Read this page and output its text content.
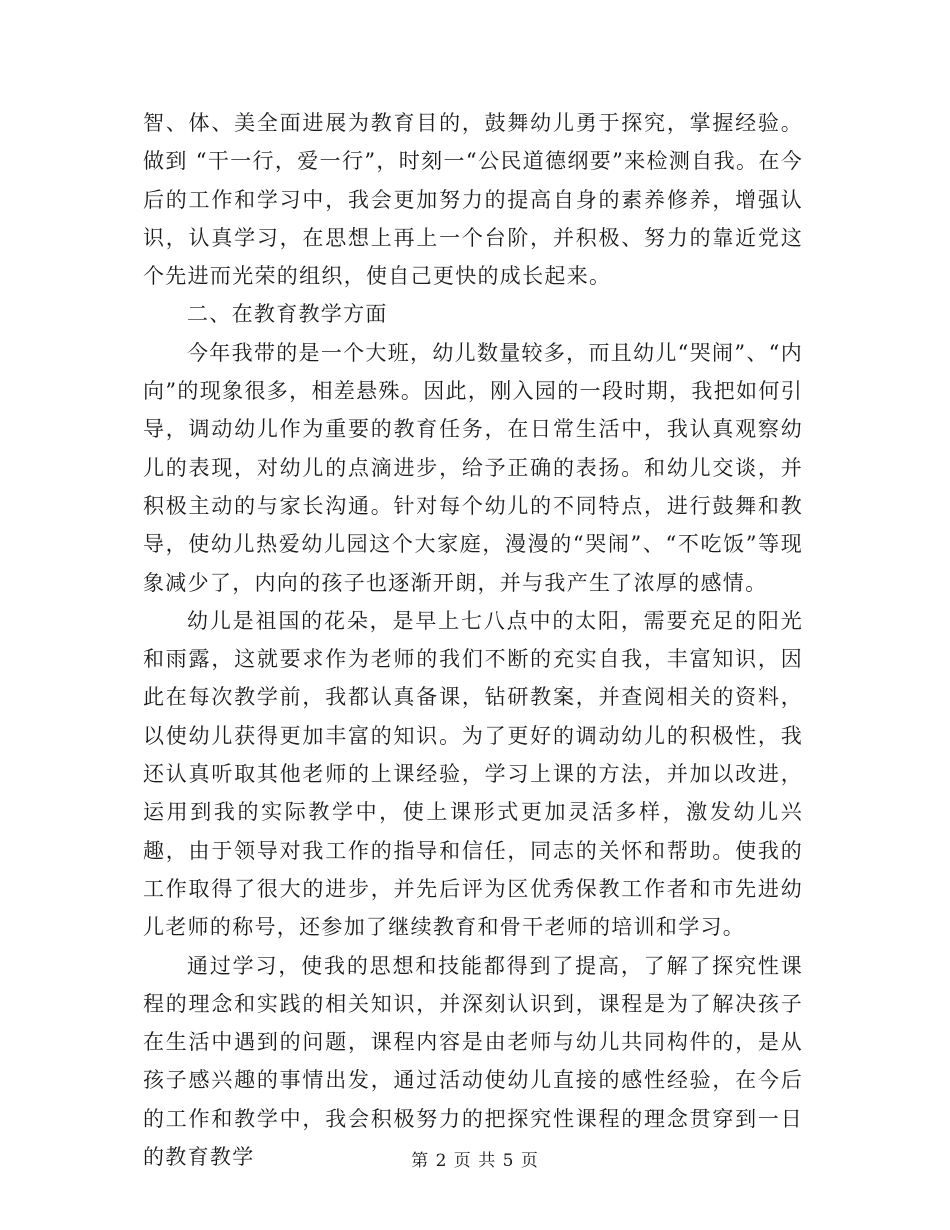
智、体、美全面进展为教育目的，鼓舞幼儿勇于探究，掌握经验。做到 “干一行，爱一行”，时刻一“公民道德纲要”来检测自我。在今后的工作和学习中，我会更加努力的提高自身的素养修养，增强认识，认真学习，在思想上再上一个台阶，并积极、努力的靠近党这个先进而光荣的组织，使自己更快的成长起来。

二、在教育教学方面

今年我带的是一个大班，幼儿数量较多，而且幼儿“哭闹”、“内向”的现象很多，相差悬殊。因此，刚入园的一段时期，我把如何引导，调动幼儿作为重要的教育任务，在日常生活中，我认真观察幼儿的表现，对幼儿的点滴进步，给予正确的表扬。和幼儿交谈，并积极主动的与家长沟通。针对每个幼儿的不同特点，进行鼓舞和教导，使幼儿热爱幼儿园这个大家庭，漫漫的“哭闹”、“不吃饭”等现象减少了，内向的孩子也逐渐开朗，并与我产生了浓厚的感情。

幼儿是祖国的花朵，是早上七八点中的太阳，需要充足的阳光和雨露，这就要求作为老师的我们不断的充实自我，丰富知识，因此在每次教学前，我都认真备课，钻研教案，并查阅相关的资料，以使幼儿获得更加丰富的知识。为了更好的调动幼儿的积极性，我还认真听取其他老师的上课经验，学习上课的方法，并加以改进，运用到我的实际教学中，使上课形式更加灵活多样，激发幼儿兴趣，由于领导对我工作的指导和信任，同志的关怀和帮助。使我的工作取得了很大的进步，并先后评为区优秀保教工作者和市先进幼儿老师的称号，还参加了继续教育和骨干老师的培训和学习。

通过学习，使我的思想和技能都得到了提高，了解了探究性课程的理念和实践的相关知识，并深刻认识到，课程是为了解决孩子在生活中遇到的问题，课程内容是由老师与幼儿共同构件的，是从孩子感兴趣的事情出发，通过活动使幼儿直接的感性经验，在今后的工作和教学中，我会积极努力的把探究性课程的理念贯穿到一日的教育教学	第 2 页 共 5 页
